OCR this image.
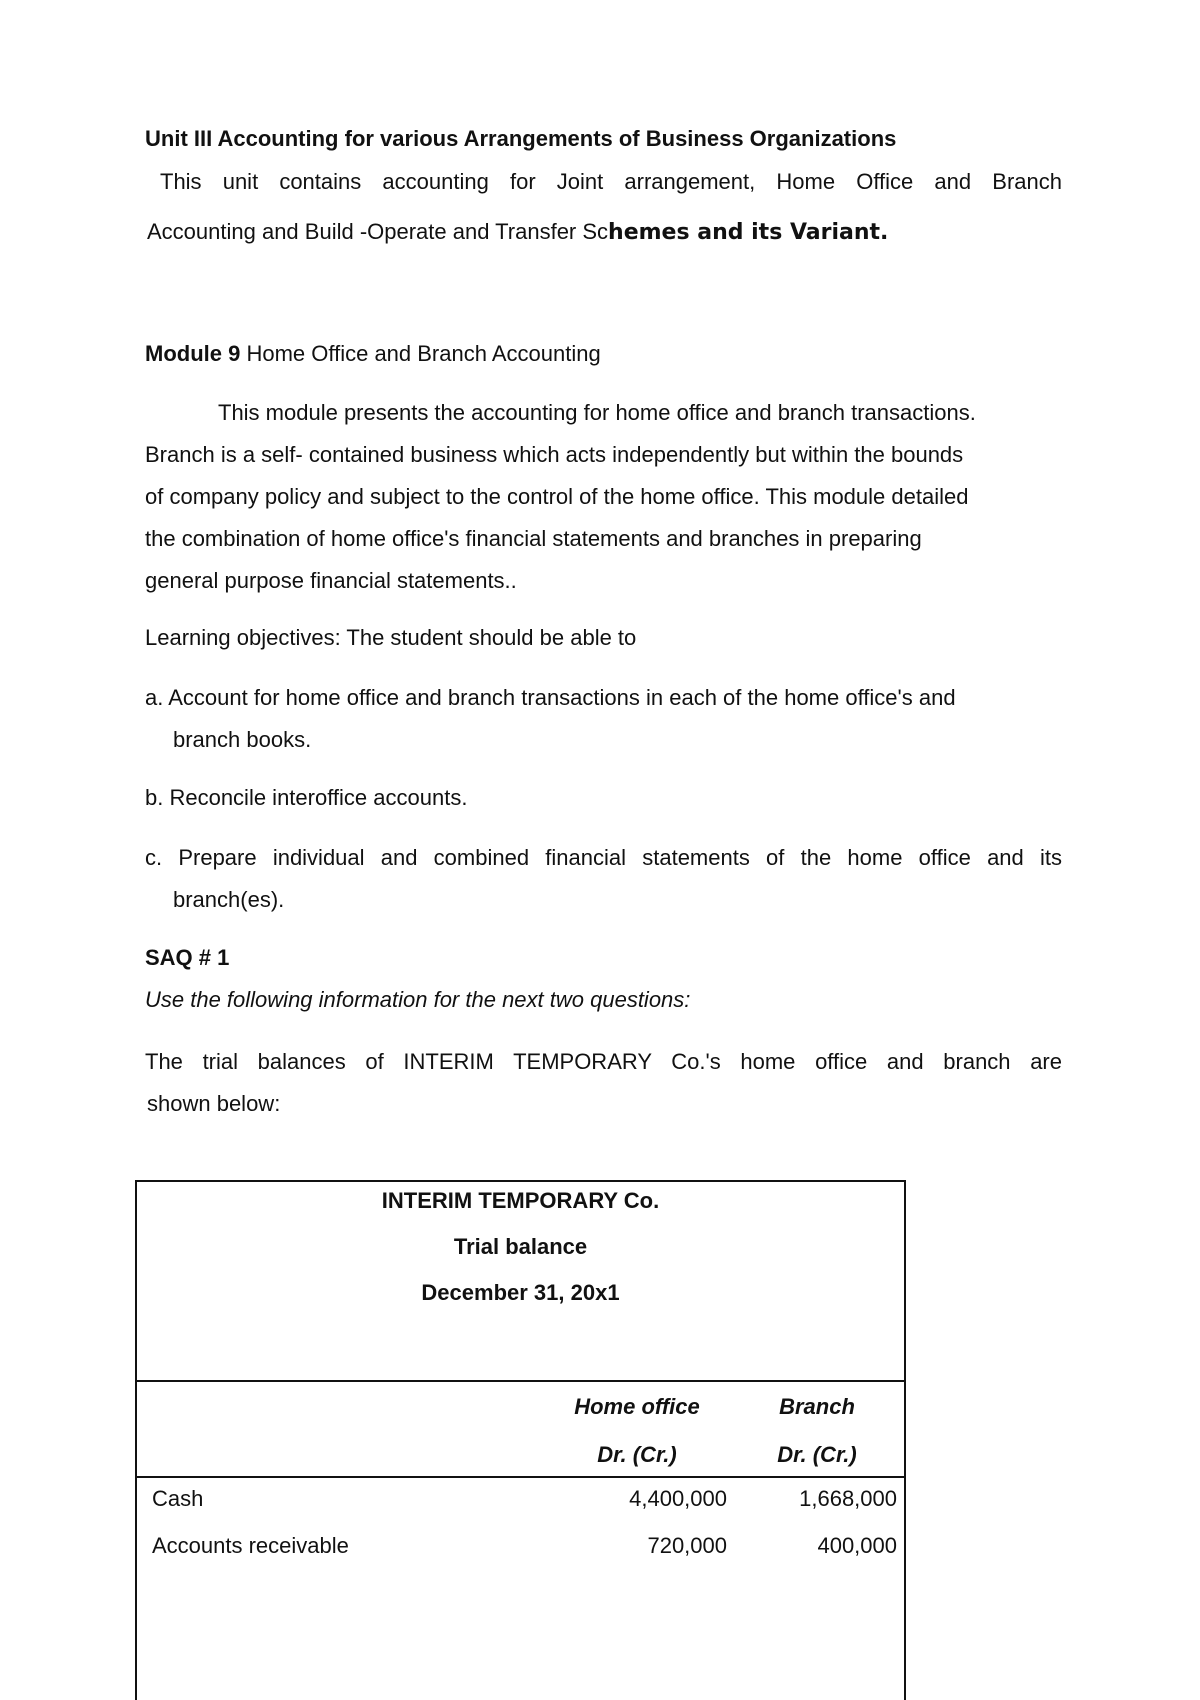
Unit III Accounting for various Arrangements of Business Organizations
This unit contains accounting for Joint arrangement, Home Office and Branch
Accounting and Build -Operate and Transfer Schemes and its Variant.
Module 9 Home Office and Branch Accounting
This module presents the accounting for home office and branch transactions.
Branch is a self- contained business which acts independently but within the bounds
of company policy and subject to the control of the home office. This module detailed
the combination of home office's financial statements and branches in preparing
general purpose financial statements..
Learning objectives: The student should be able to
a. Account for home office and branch transactions in each of the home office's and
branch books.
b. Reconcile interoffice accounts.
c. Prepare individual and combined financial statements of the home office and its
branch(es).
SAQ # 1
Use the following information for the next two questions:
The trial balances of INTERIM TEMPORARY Co.'s home office and branch are
shown below:
INTERIM TEMPORARY Co.
Trial balance
December 31, 20x1
Home office	Branch
Dr. (Cr.)	Dr. (Cr.)
Cash	4,400,000	1,668,000
Accounts receivable	720,000	400,000
